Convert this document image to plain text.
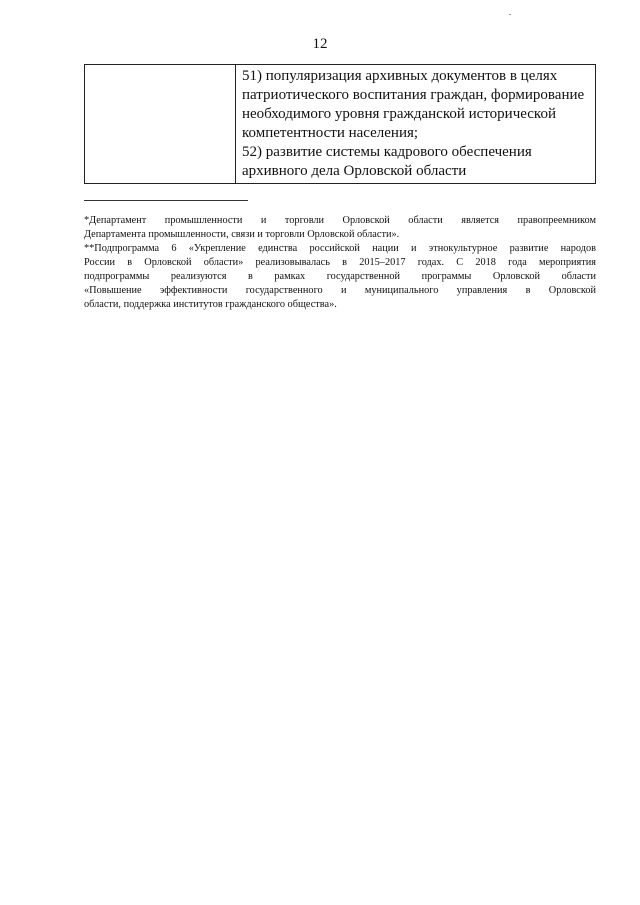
12

51) популяризация архивных документов в целях
патриотического воспитания граждан, формирование
необходимого уровня гражданской исторической
компетентности населения;
52) развитие системы кадрового обеспечения
архивного дела Орловской области
*Департамент промышленности и торговли Орловской области является правопреемником
Департамента промышленности, связи и торговли Орловской области».
**Подпрограмма 6 «Укрепление единства российской нации и этнокультурное развитие народов
России в Орловской области» реализовывалась в 2015–2017 годах. С 2018 года мероприятия
подпрограммы реализуются в рамках государственной программы Орловской области
«Повышение эффективности государственного и муниципального управления в Орловской
области, поддержка институтов гражданского общества».
